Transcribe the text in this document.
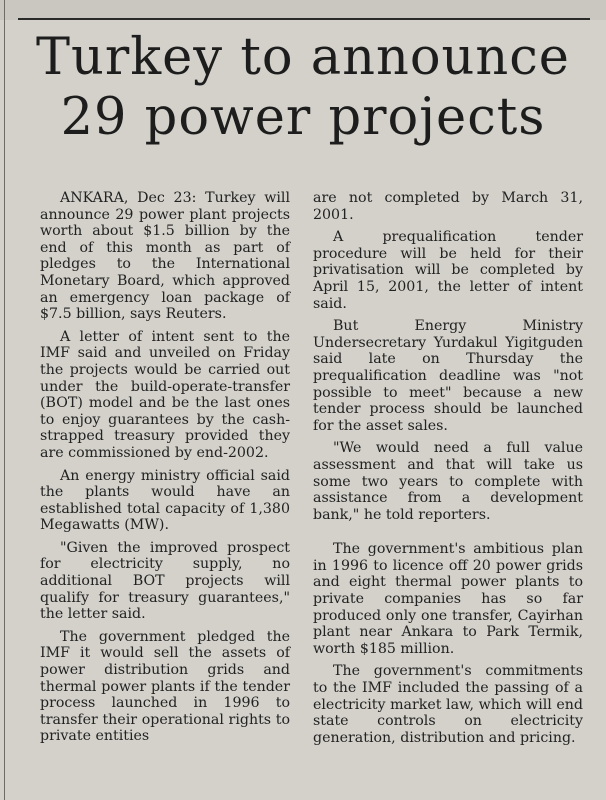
Turkey to announce
29 power projects

ANKARA, Dec 23: Turkey will announce 29 power plant projects worth about $1.5 billion by the end of this month as part of pledges to the International Monetary Board, which approved an emergency loan package of $7.5 billion, says Reuters.

A letter of intent sent to the IMF said and unveiled on Friday the projects would be carried out under the build-operate-transfer (BOT) model and be the last ones to enjoy guarantees by the cash-strapped treasury provided they are commissioned by end-2002.

An energy ministry official said the plants would have an established total capacity of 1,380 Megawatts (MW).

"Given the improved prospect for electricity supply, no additional BOT projects will qualify for treasury guarantees," the letter said.

The government pledged the IMF it would sell the assets of power distribution grids and thermal power plants if the tender process launched in 1996 to transfer their operational rights to private entities

are not completed by March 31, 2001.

A prequalification tender procedure will be held for their privatisation will be completed by April 15, 2001, the letter of intent said.

But Energy Ministry Undersecretary Yurdakul Yigitguden said late on Thursday the prequalification deadline was "not possible to meet" because a new tender process should be launched for the asset sales.

"We would need a full value assessment and that will take us some two years to complete with assistance from a development bank," he told reporters.

The government's ambitious plan in 1996 to licence off 20 power grids and eight thermal power plants to private companies has so far produced only one transfer, Cayirhan plant near Ankara to Park Termik, worth $185 million.

The government's commitments to the IMF included the passing of a electricity market law, which will end state controls on electricity generation, distribution and pricing.
